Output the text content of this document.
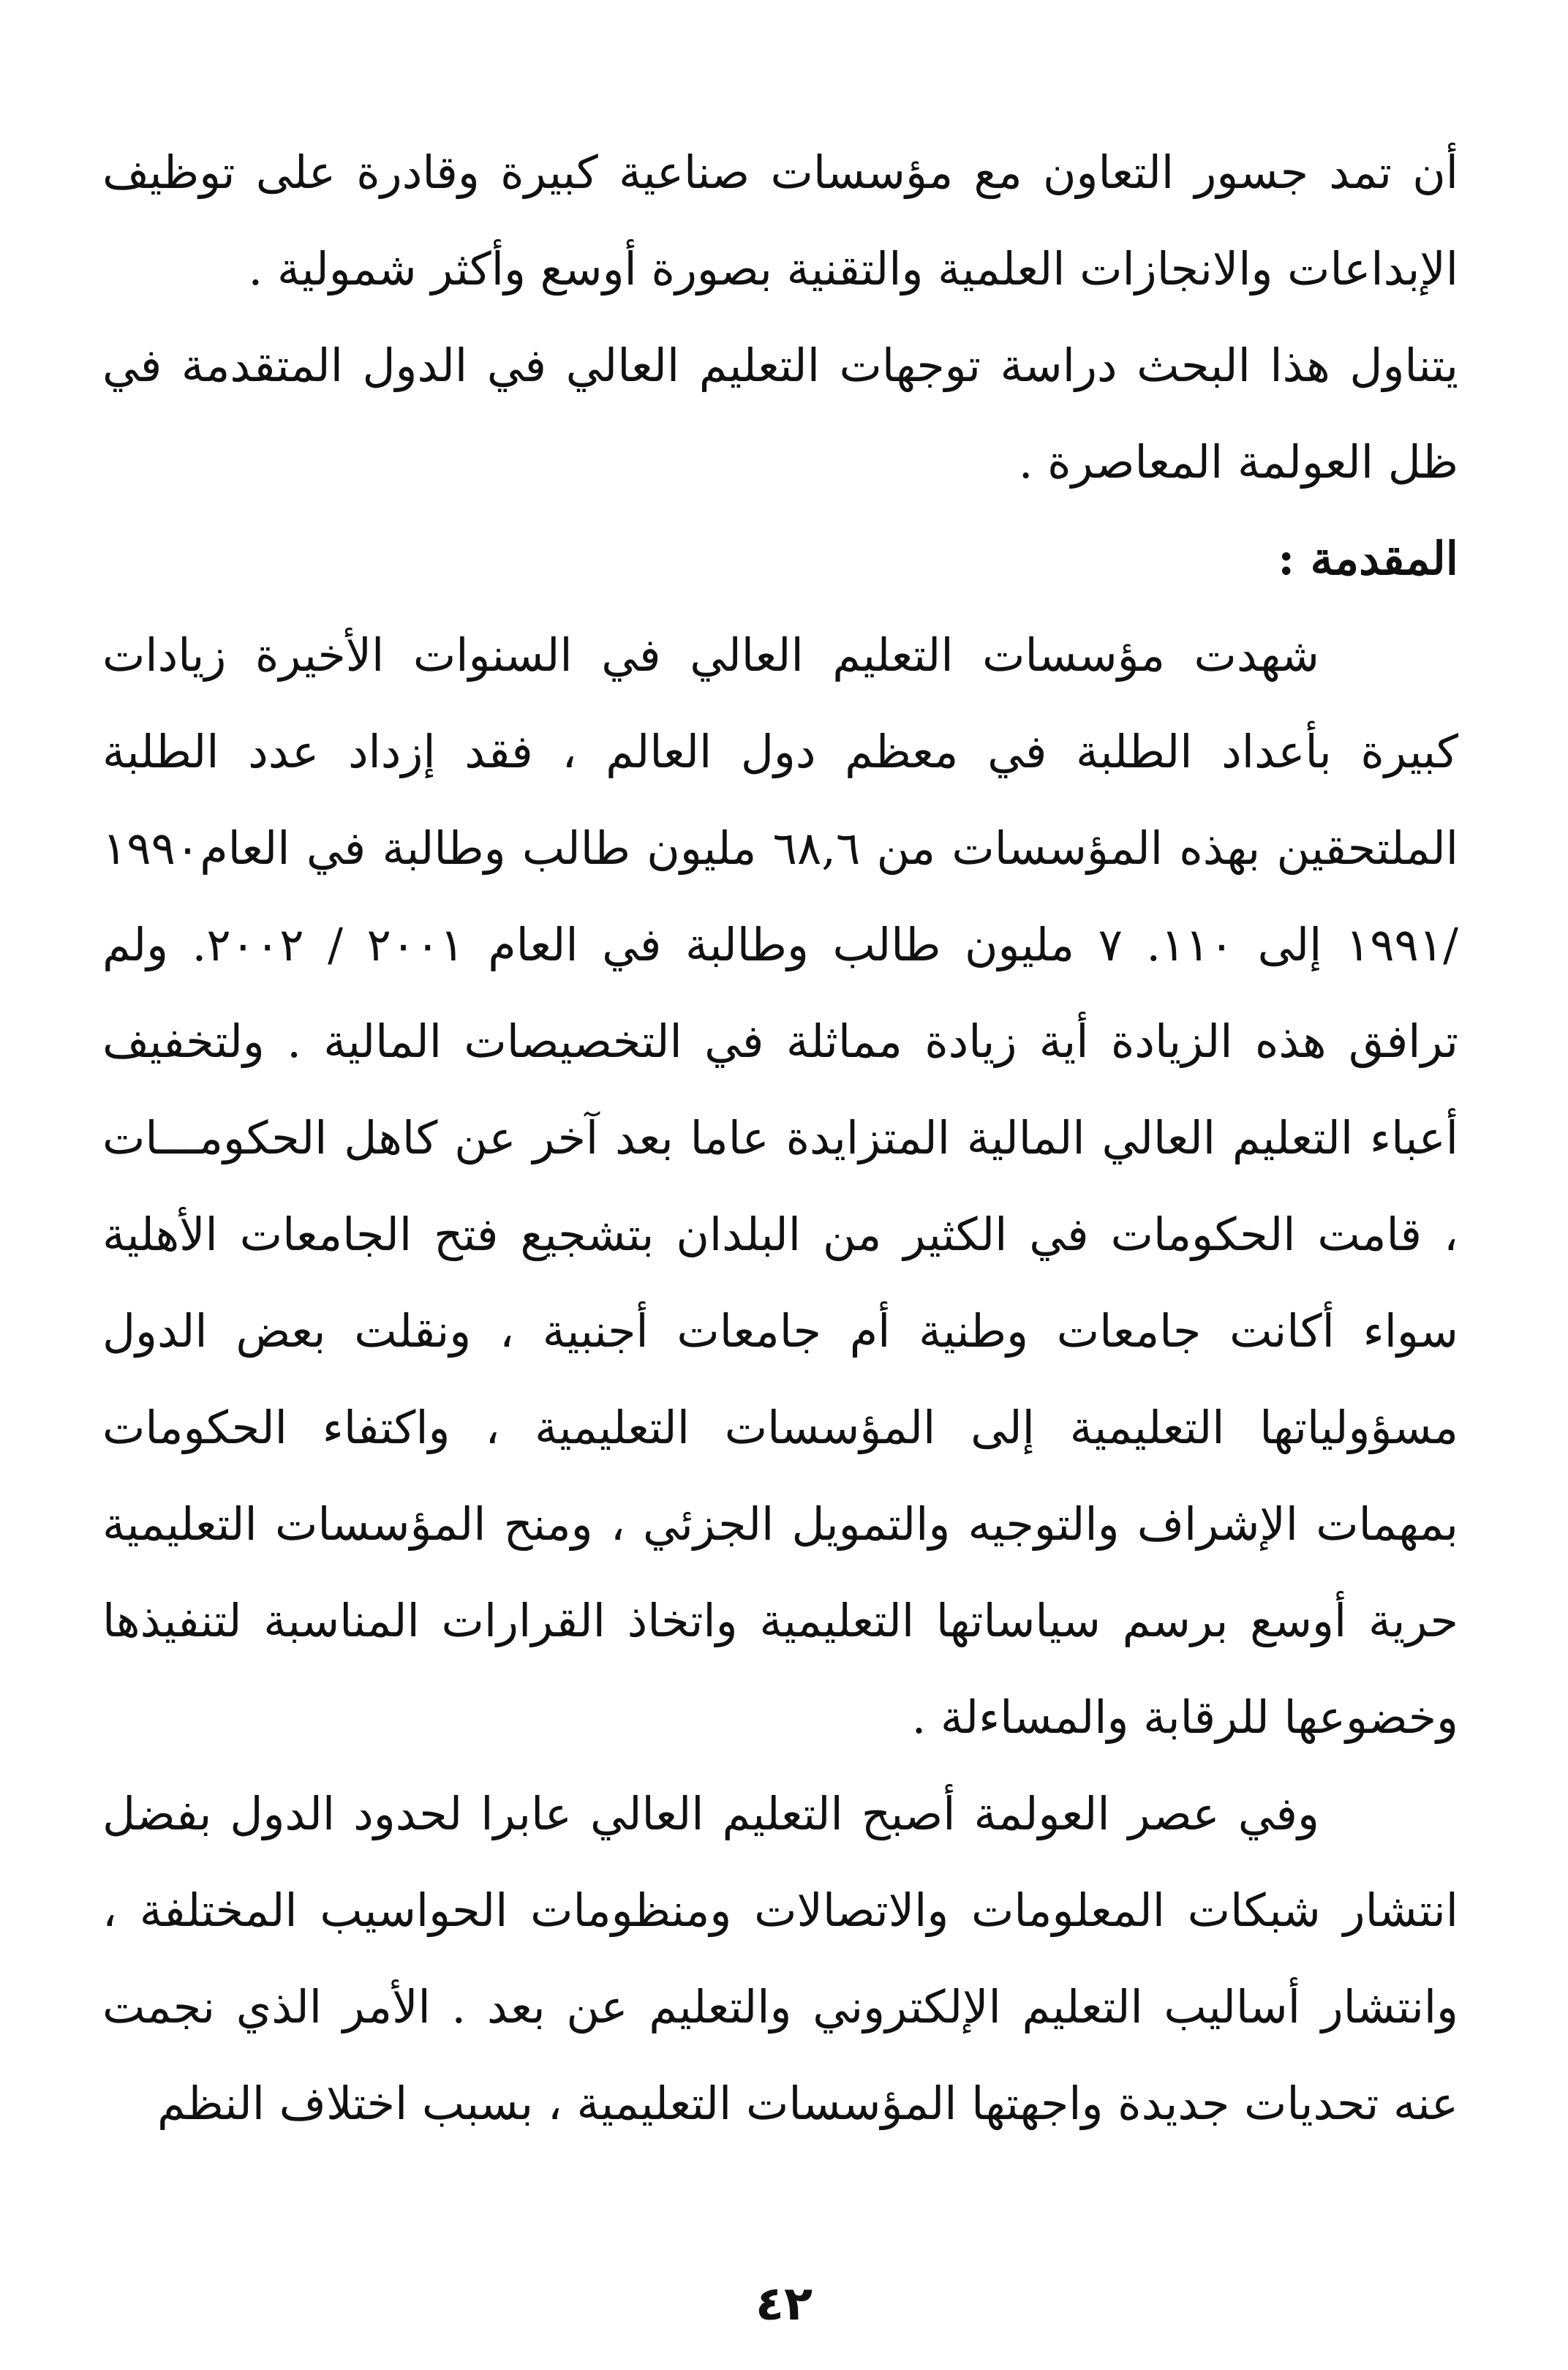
أن تمد جسور التعاون مع مؤسسات صناعية كبيرة وقادرة على توظيف الإبداعات والانجازات العلمية والتقنية بصورة أوسع وأكثر شمولية .

يتناول هذا البحث دراسة توجهات التعليم العالي في الدول المتقدمة في ظل العولمة المعاصرة .

المقدمة :

شهدت مؤسسات التعليم العالي في السنوات الأخيرة زيادات كبيرة بأعداد الطلبة في معظم دول العالم ، فقد إزداد عدد الطلبة الملتحقين بهذه المؤسسات من ٦٨,٦ مليون طالب وطالبة في العام١٩٩٠ /١٩٩١ إلى ١١٠. ٧ مليون طالب وطالبة في العام ٢٠٠١ / ٢٠٠٢. ولم ترافق هذه الزيادة أية زيادة مماثلة في التخصيصات المالية . ولتخفيف أعباء التعليم العالي المالية المتزايدة عاما بعد آخر عن كاهل الحكومـــات ، قامت الحكومات في الكثير من البلدان بتشجيع فتح الجامعات الأهلية سواء أكانت جامعات وطنية أم جامعات أجنبية ، ونقلت بعض الدول مسؤولياتها التعليمية إلى المؤسسات التعليمية ، واكتفاء الحكومات بمهمات الإشراف والتوجيه والتمويل الجزئي ، ومنح المؤسسات التعليمية حرية أوسع برسم سياساتها التعليمية واتخاذ القرارات المناسبة لتنفيذها وخضوعها للرقابة والمساءلة .

وفي عصر العولمة أصبح التعليم العالي عابرا لحدود الدول بفضل انتشار شبكات المعلومات والاتصالات ومنظومات الحواسيب المختلفة ، وانتشار أساليب التعليم الإلكتروني والتعليم عن بعد . الأمر الذي نجمت عنه تحديات جديدة واجهتها المؤسسات التعليمية ، بسبب اختلاف النظم

٤٢
